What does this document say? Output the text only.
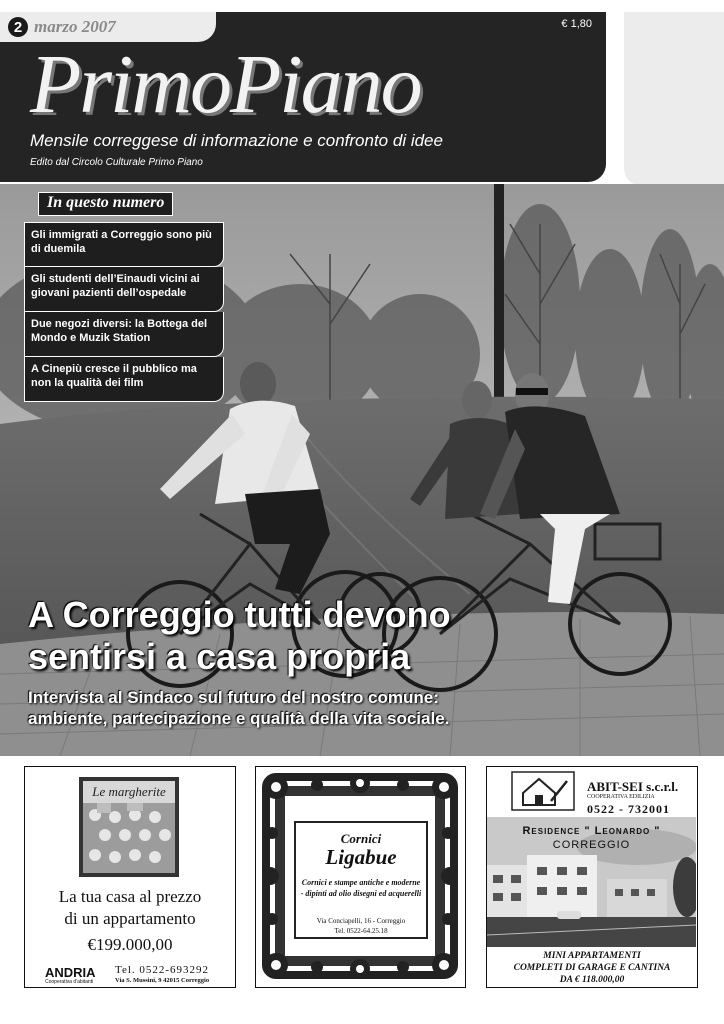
2 marzo 2007	€ 1,80
PrimoPiano
Mensile correggese di informazione e confronto di idee
Edito dal Circolo Culturale Primo Piano
In questo numero
Gli immigrati a Correggio sono più di duemila
Gli studenti dell’Einaudi vicini ai giovani pazienti dell’ospedale
Due negozi diversi: la Bottega del Mondo e Muzik Station
A Cinepiù cresce il pubblico ma non la qualità dei film
A Correggio tutti devono
sentirsi a casa propria
Intervista al Sindaco sul futuro del nostro comune:
ambiente, partecipazione e qualità della vita sociale.
Le margherite
La tua casa al prezzo
di un appartamento
€199.000,00
ANDRIA
Cooperativa d'abitanti
Tel. 0522-693292
Via S. Mussini, 9 42015 Correggio
Cornici
Ligabue
Cornici e stampe antiche e moderne - dipinti ad olio disegni ed acquerelli
Via Conciapelli, 16 - Correggio
Tel. 0522-64.25.18
ABIT-SEI s.c.r.l.
COOPERATIVA EDILIZIA
0522 - 732001
Residence " Leonardo "
CORREGGIO
MINI APPARTAMENTI
COMPLETI DI GARAGE E CANTINA
DA € 118.000,00
